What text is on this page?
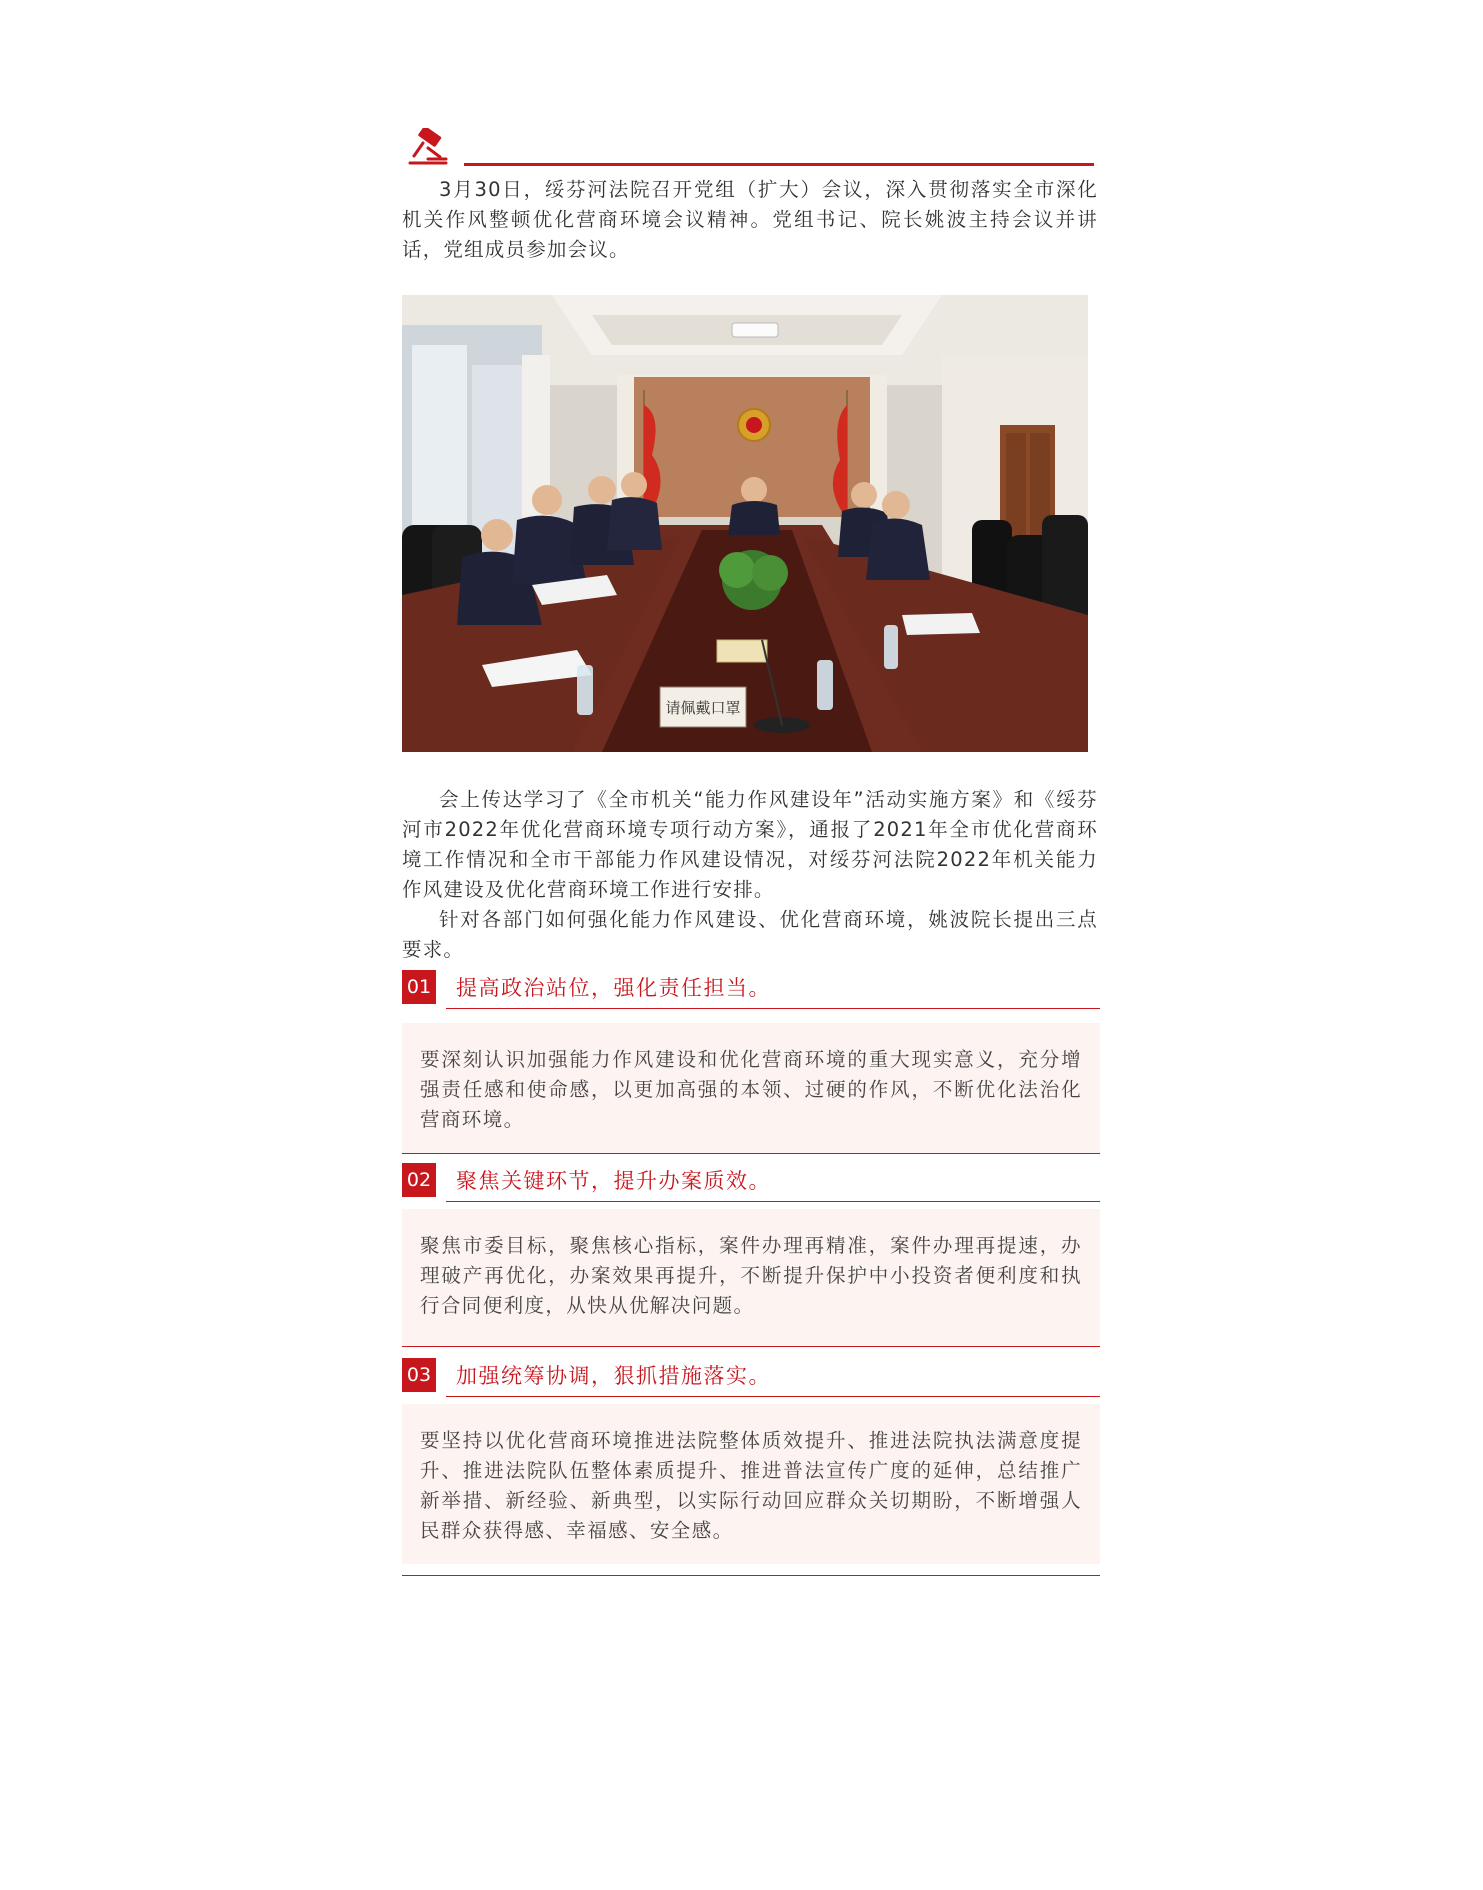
3月30日，绥芬河法院召开党组（扩大）会议，深入贯彻落实全市深化机关作风整顿优化营商环境会议精神。党组书记、院长姚波主持会议并讲话，党组成员参加会议。

请佩戴口罩

会上传达学习了《全市机关“能力作风建设年”活动实施方案》和《绥芬河市2022年优化营商环境专项行动方案》，通报了2021年全市优化营商环境工作情况和全市干部能力作风建设情况，对绥芬河法院2022年机关能力作风建设及优化营商环境工作进行安排。

针对各部门如何强化能力作风建设、优化营商环境，姚波院长提出三点要求。

01 提高政治站位，强化责任担当。

要深刻认识加强能力作风建设和优化营商环境的重大现实意义，充分增强责任感和使命感，以更加高强的本领、过硬的作风，不断优化法治化营商环境。

02 聚焦关键环节，提升办案质效。

聚焦市委目标，聚焦核心指标，案件办理再精准，案件办理再提速，办理破产再优化，办案效果再提升，不断提升保护中小投资者便利度和执行合同便利度，从快从优解决问题。

03 加强统筹协调，狠抓措施落实。

要坚持以优化营商环境推进法院整体质效提升、推进法院执法满意度提升、推进法院队伍整体素质提升、推进普法宣传广度的延伸，总结推广新举措、新经验、新典型，以实际行动回应群众关切期盼，不断增强人民群众获得感、幸福感、安全感。
